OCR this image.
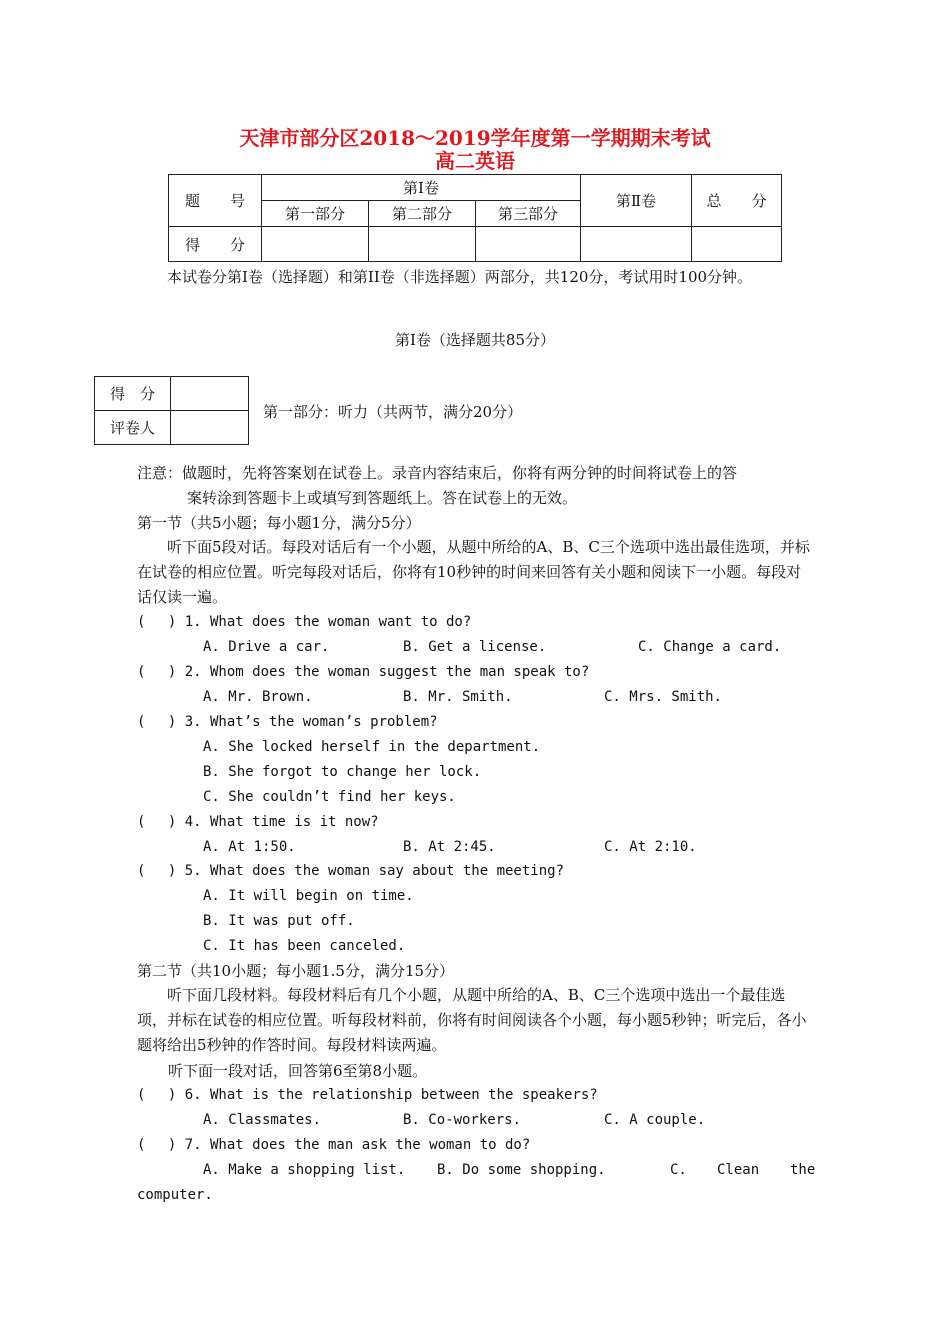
天津市部分区2018～2019学年度第一学期期末考试
高二英语
题　　号	第Ⅰ卷			第Ⅱ卷	总　　分
	第一部分	第二部分	第三部分		
得　　分					
本试卷分第Ⅰ卷（选择题）和第II卷（非选择题）两部分，共120分，考试用时100分钟。
第Ⅰ卷（选择题共85分）
得　分	
评卷人	
第一部分：听力（共两节，满分20分）
注意：做题时，先将答案划在试卷上。录音内容结束后，你将有两分钟的时间将试卷上的答
案转涂到答题卡上或填写到答题纸上。答在试卷上的无效。
第一节（共5小题；每小题1分，满分5分）
听下面5段对话。每段对话后有一个小题，从题中所给的A、B、C三个选项中选出最佳选项，并标在试卷的相应位置。听完每段对话后，你将有10秒钟的时间来回答有关小题和阅读下一小题。每段对话仅读一遍。
(　 ) 1. What does the woman want to do?
A. Drive a car.	B. Get a license.	C. Change a card.
(　 ) 2. Whom does the woman suggest the man speak to?
A. Mr. Brown.	B. Mr. Smith.	C. Mrs. Smith.
(　 ) 3. What’s the woman’s problem?
A. She locked herself in the department.
B. She forgot to change her lock.
C. She couldn’t find her keys.
(　 ) 4. What time is it now?
A. At 1:50.	B. At 2:45.	C. At 2:10.
(　 ) 5. What does the woman say about the meeting?
A. It will begin on time.
B. It was put off.
C. It has been canceled.
第二节（共10小题；每小题1.5分，满分15分）
听下面几段材料。每段材料后有几个小题，从题中所给的A、B、C三个选项中选出一个最佳选项，并标在试卷的相应位置。听每段材料前，你将有时间阅读各个小题，每小题5秒钟；听完后，各小题将给出5秒钟的作答时间。每段材料读两遍。
听下面一段对话，回答第6至第8小题。
(　 ) 6. What is the relationship between the speakers?
A. Classmates.	B. Co-workers.	C. A couple.
(　 ) 7. What does the man ask the woman to do?
A. Make a shopping list. B. Do some shopping.	C. Clean the
computer.
